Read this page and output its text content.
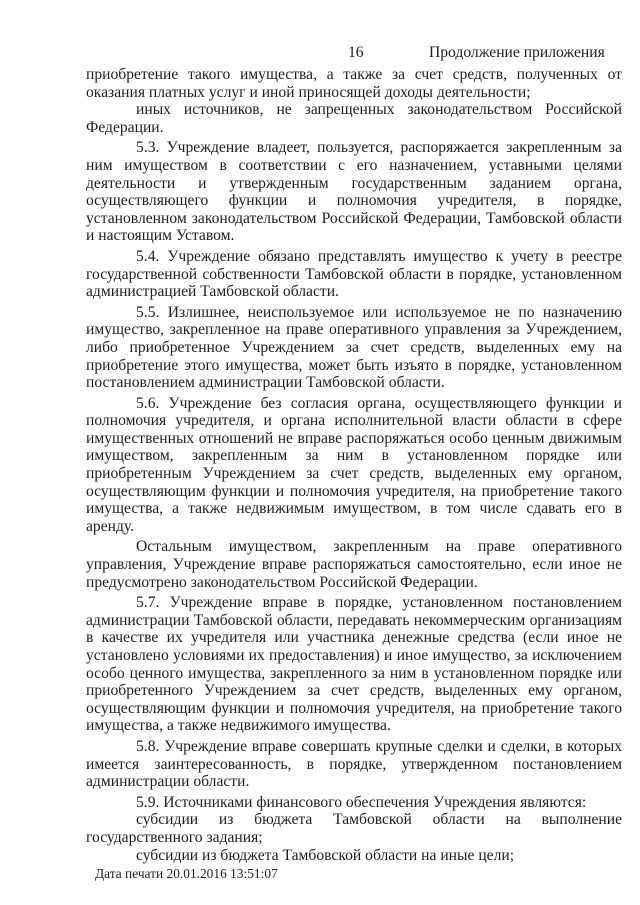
16	Продолжение приложения

приобретение такого имущества, а также за счет средств, полученных от оказания платных услуг и иной приносящей доходы деятельности;

иных источников, не запрещенных законодательством Российской Федерации.

5.3. Учреждение владеет, пользуется, распоряжается закрепленным за ним имуществом в соответствии с его назначением, уставными целями деятельности и утвержденным государственным заданием органа, осуществляющего функции и полномочия учредителя, в порядке, установленном законодательством Российской Федерации, Тамбовской области и настоящим Уставом.

5.4. Учреждение обязано представлять имущество к учету в реестре государственной собственности Тамбовской области в порядке, установленном администрацией Тамбовской области.

5.5. Излишнее, неиспользуемое или используемое не по назначению имущество, закрепленное на праве оперативного управления за Учреждением, либо приобретенное Учреждением за счет средств, выделенных ему на приобретение этого имущества, может быть изъято в порядке, установленном постановлением администрации Тамбовской области.

5.6. Учреждение без согласия органа, осуществляющего функции и полномочия учредителя, и органа исполнительной власти области в сфере имущественных отношений не вправе распоряжаться особо ценным движимым имуществом, закрепленным за ним в установленном порядке или приобретенным Учреждением за счет средств, выделенных ему органом, осуществляющим функции и полномочия учредителя, на приобретение такого имущества, а также недвижимым имуществом, в том числе сдавать его в аренду.

Остальным имуществом, закрепленным на праве оперативного управления, Учреждение вправе распоряжаться самостоятельно, если иное не предусмотрено законодательством Российской Федерации.

5.7. Учреждение вправе в порядке, установленном постановлением администрации Тамбовской области, передавать некоммерческим организациям в качестве их учредителя или участника денежные средства (если иное не установлено условиями их предоставления) и иное имущество, за исключением особо ценного имущества, закрепленного за ним в установленном порядке или приобретенного Учреждением за счет средств, выделенных ему органом, осуществляющим функции и полномочия учредителя, на приобретение такого имущества, а также недвижимого имущества.

5.8. Учреждение вправе совершать крупные сделки и сделки, в которых имеется заинтересованность, в порядке, утвержденном постановлением администрации области.

5.9. Источниками финансового обеспечения Учреждения являются:

субсидии из бюджета Тамбовской области на выполнение государственного задания;

субсидии из бюджета Тамбовской области на иные цели;

Дата печати 20.01.2016 13:51:07
